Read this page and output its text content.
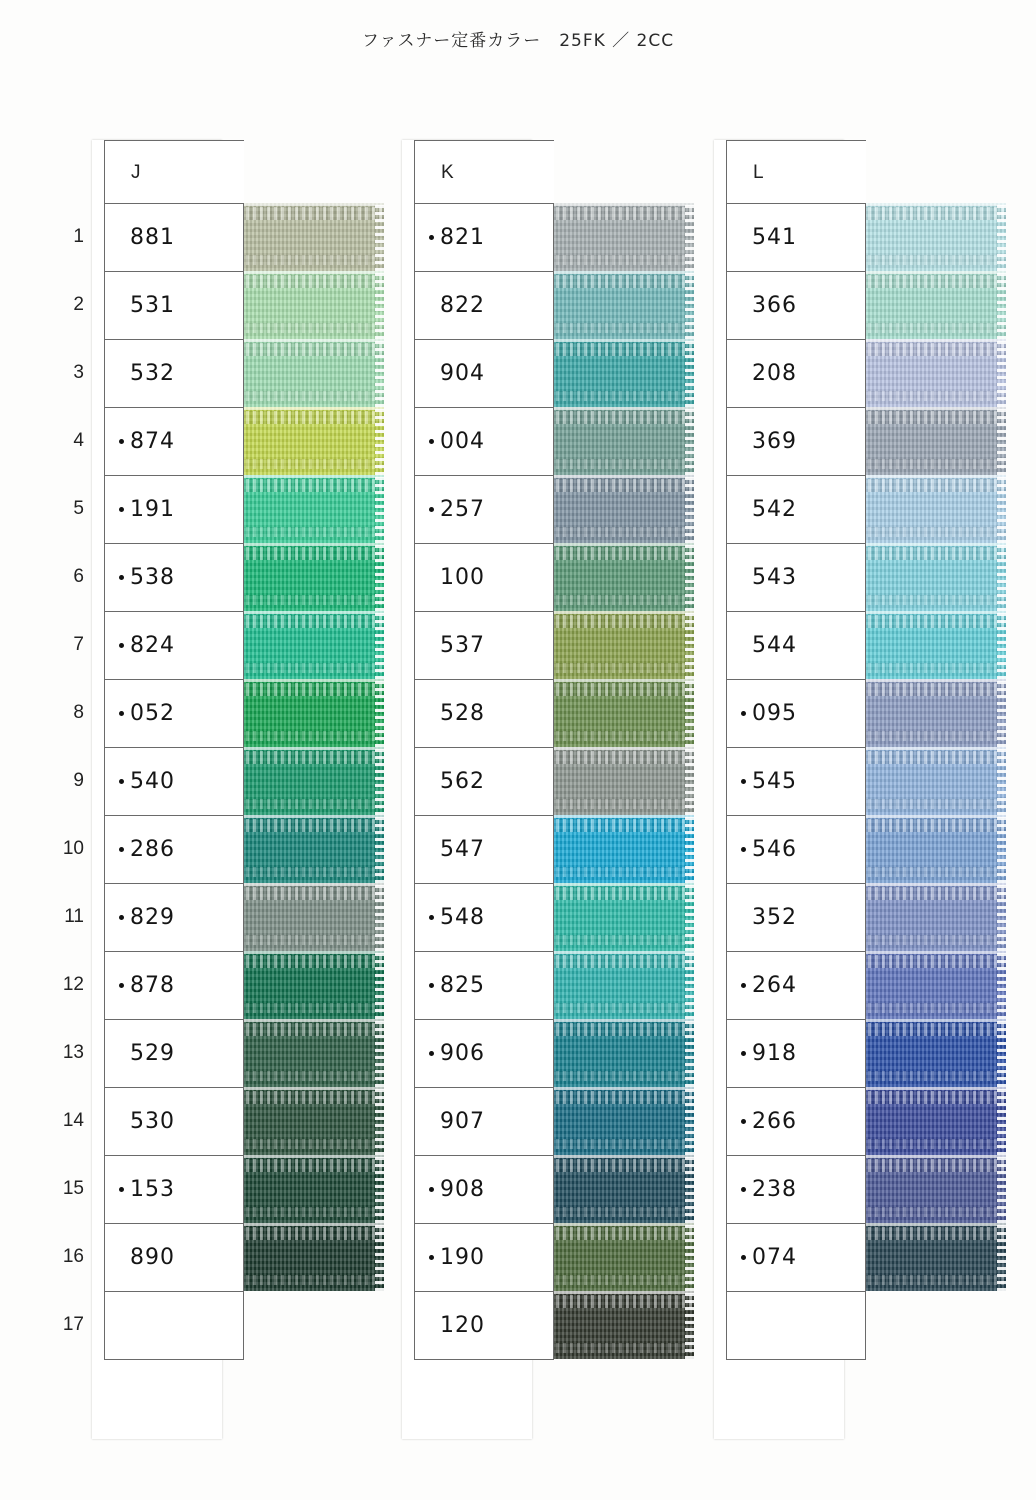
ファスナー定番カラー　25FK ／ 2CC
1
2
3
4
5
6
7
8
9
10
11
12
13
14
15
16
17
J
881
531
532
874
191
538
824
052
540
286
829
878
529
530
153
890
K
821
822
904
004
257
100
537
528
562
547
548
825
906
907
908
190
120
L
541
366
208
369
542
543
544
095
545
546
352
264
918
266
238
074
